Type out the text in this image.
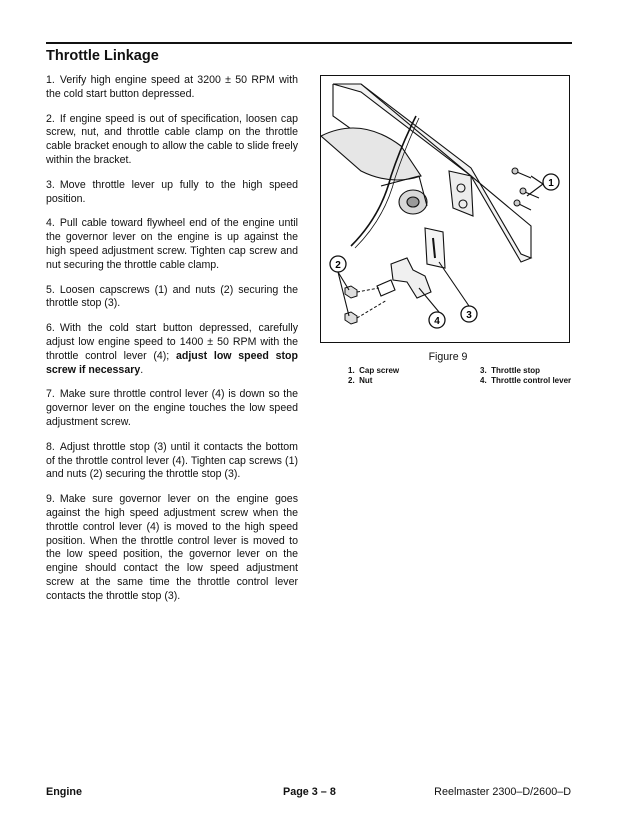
Throttle Linkage

1. Verify high engine speed at 3200 ± 50 RPM with the cold start button depressed.

2. If engine speed is out of specification, loosen cap screw, nut, and throttle cable clamp on the throttle cable bracket enough to allow the cable to slide freely within the bracket.

3. Move throttle lever up fully to the high speed position.

4. Pull cable toward flywheel end of the engine until the governor lever on the engine is up against the high speed adjustment screw. Tighten cap screw and nut securing the throttle cable clamp.

5. Loosen capscrews (1) and nuts (2) securing the throttle stop (3).

6. With the cold start button depressed, carefully adjust low engine speed to 1400 ± 50 RPM with the throttle control lever (4); adjust low speed stop screw if necessary.

7. Make sure throttle control lever (4) is down so the governor lever on the engine touches the low speed adjustment screw.

8. Adjust throttle stop (3) until it contacts the bottom of the throttle control lever (4). Tighten cap screws (1) and nuts (2) securing the throttle stop (3).

9. Make sure governor lever on the engine goes against the high speed adjustment screw when the throttle control lever (4) is moved to the high speed position. When the throttle control lever is moved to the low speed position, the governor lever on the engine should contact the low speed adjustment screw at the same time the throttle control lever contacts the throttle stop (3).

1
2
3
4
Figure 9
1. Cap screw
2. Nut
3. Throttle stop
4. Throttle control lever
Engine	Page 3 – 8	Reelmaster 2300–D/2600–D
